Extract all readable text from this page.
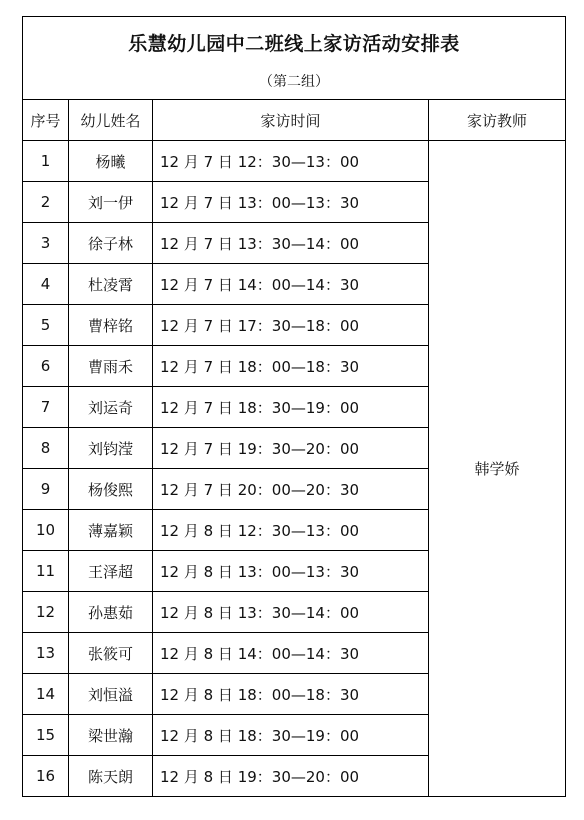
乐慧幼儿园中二班线上家访活动安排表
（第二组）			

序号	幼儿姓名	家访时间	家访教师
1	杨曦	12 月 7 日 12：30—13：00	韩学娇
2	刘一伊	12 月 7 日 13：00—13：30	
3	徐子林	12 月 7 日 13：30—14：00	
4	杜凌霄	12 月 7 日 14：00—14：30	
5	曹梓铭	12 月 7 日 17：30—18：00	
6	曹雨禾	12 月 7 日 18：00—18：30	
7	刘运奇	12 月 7 日 18：30—19：00	
8	刘钧滢	12 月 7 日 19：30—20：00	
9	杨俊熙	12 月 7 日 20：00—20：30	
10	薄嘉颖	12 月 8 日 12：30—13：00	
11	王泽超	12 月 8 日 13：00—13：30	
12	孙惠茹	12 月 8 日 13：30—14：00	
13	张筱可	12 月 8 日 14：00—14：30	
14	刘恒溢	12 月 8 日 18：00—18：30	
15	梁世瀚	12 月 8 日 18：30—19：00	
16	陈天朗	12 月 8 日 19：30—20：00	
